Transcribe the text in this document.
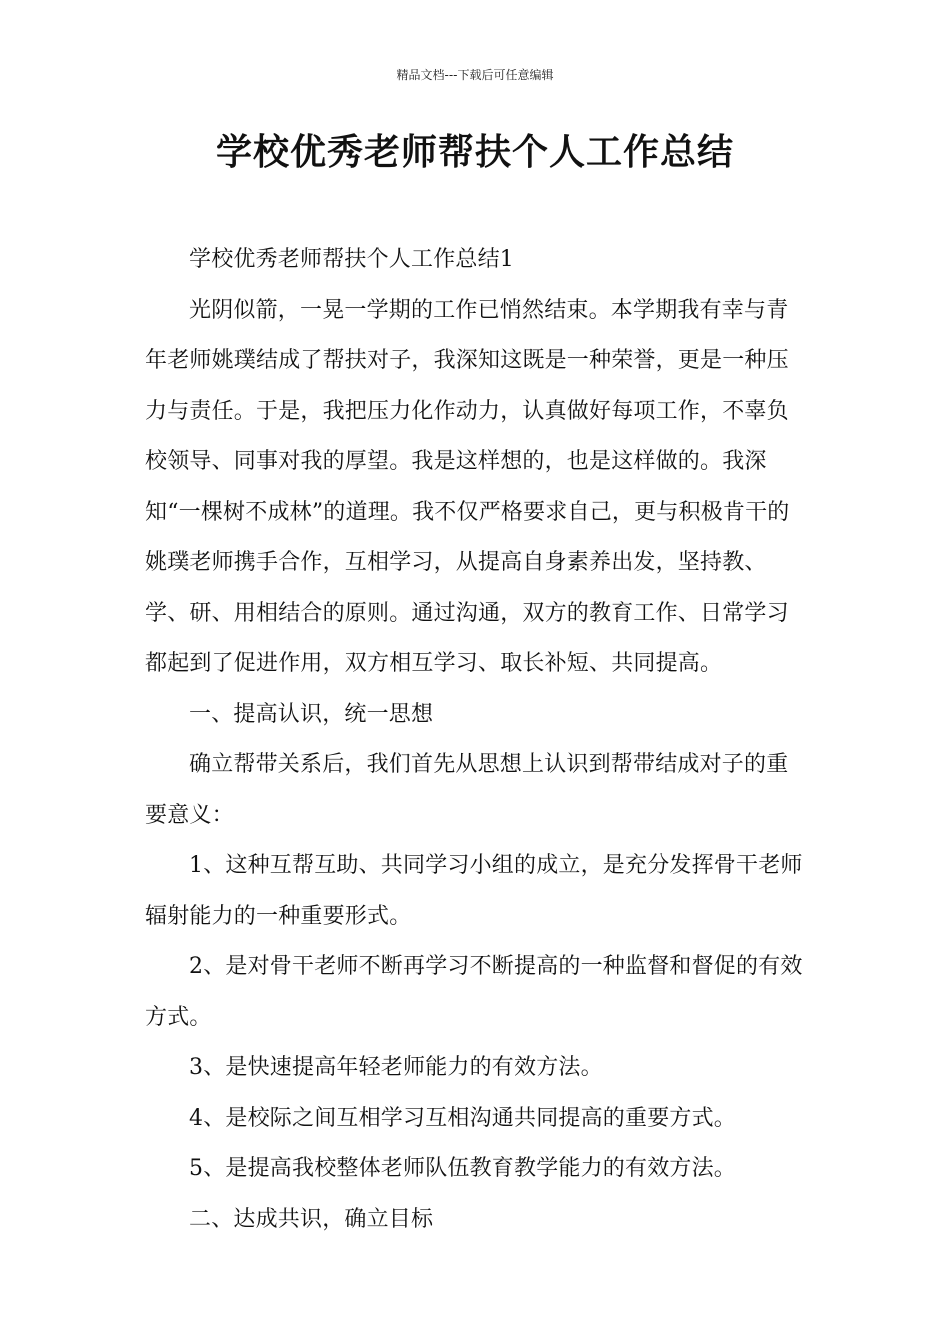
精品文档---下载后可任意编辑
学校优秀老师帮扶个人工作总结

学校优秀老师帮扶个人工作总结1

光阴似箭，一晃一学期的工作已悄然结束。本学期我有幸与青年老师姚璞结成了帮扶对子，我深知这既是一种荣誉，更是一种压力与责任。于是，我把压力化作动力，认真做好每项工作，不辜负校领导、同事对我的厚望。我是这样想的，也是这样做的。我深知“一棵树不成林”的道理。我不仅严格要求自己，更与积极肯干的姚璞老师携手合作，互相学习，从提高自身素养出发，坚持教、学、研、用相结合的原则。通过沟通，双方的教育工作、日常学习都起到了促进作用，双方相互学习、取长补短、共同提高。

一、提高认识，统一思想

确立帮带关系后，我们首先从思想上认识到帮带结成对子的重要意义：

1、这种互帮互助、共同学习小组的成立，是充分发挥骨干老师辐射能力的一种重要形式。

2、是对骨干老师不断再学习不断提高的一种监督和督促的有效方式。

3、是快速提高年轻老师能力的有效方法。

4、是校际之间互相学习互相沟通共同提高的重要方式。

5、是提高我校整体老师队伍教育教学能力的有效方法。

二、达成共识，确立目标
